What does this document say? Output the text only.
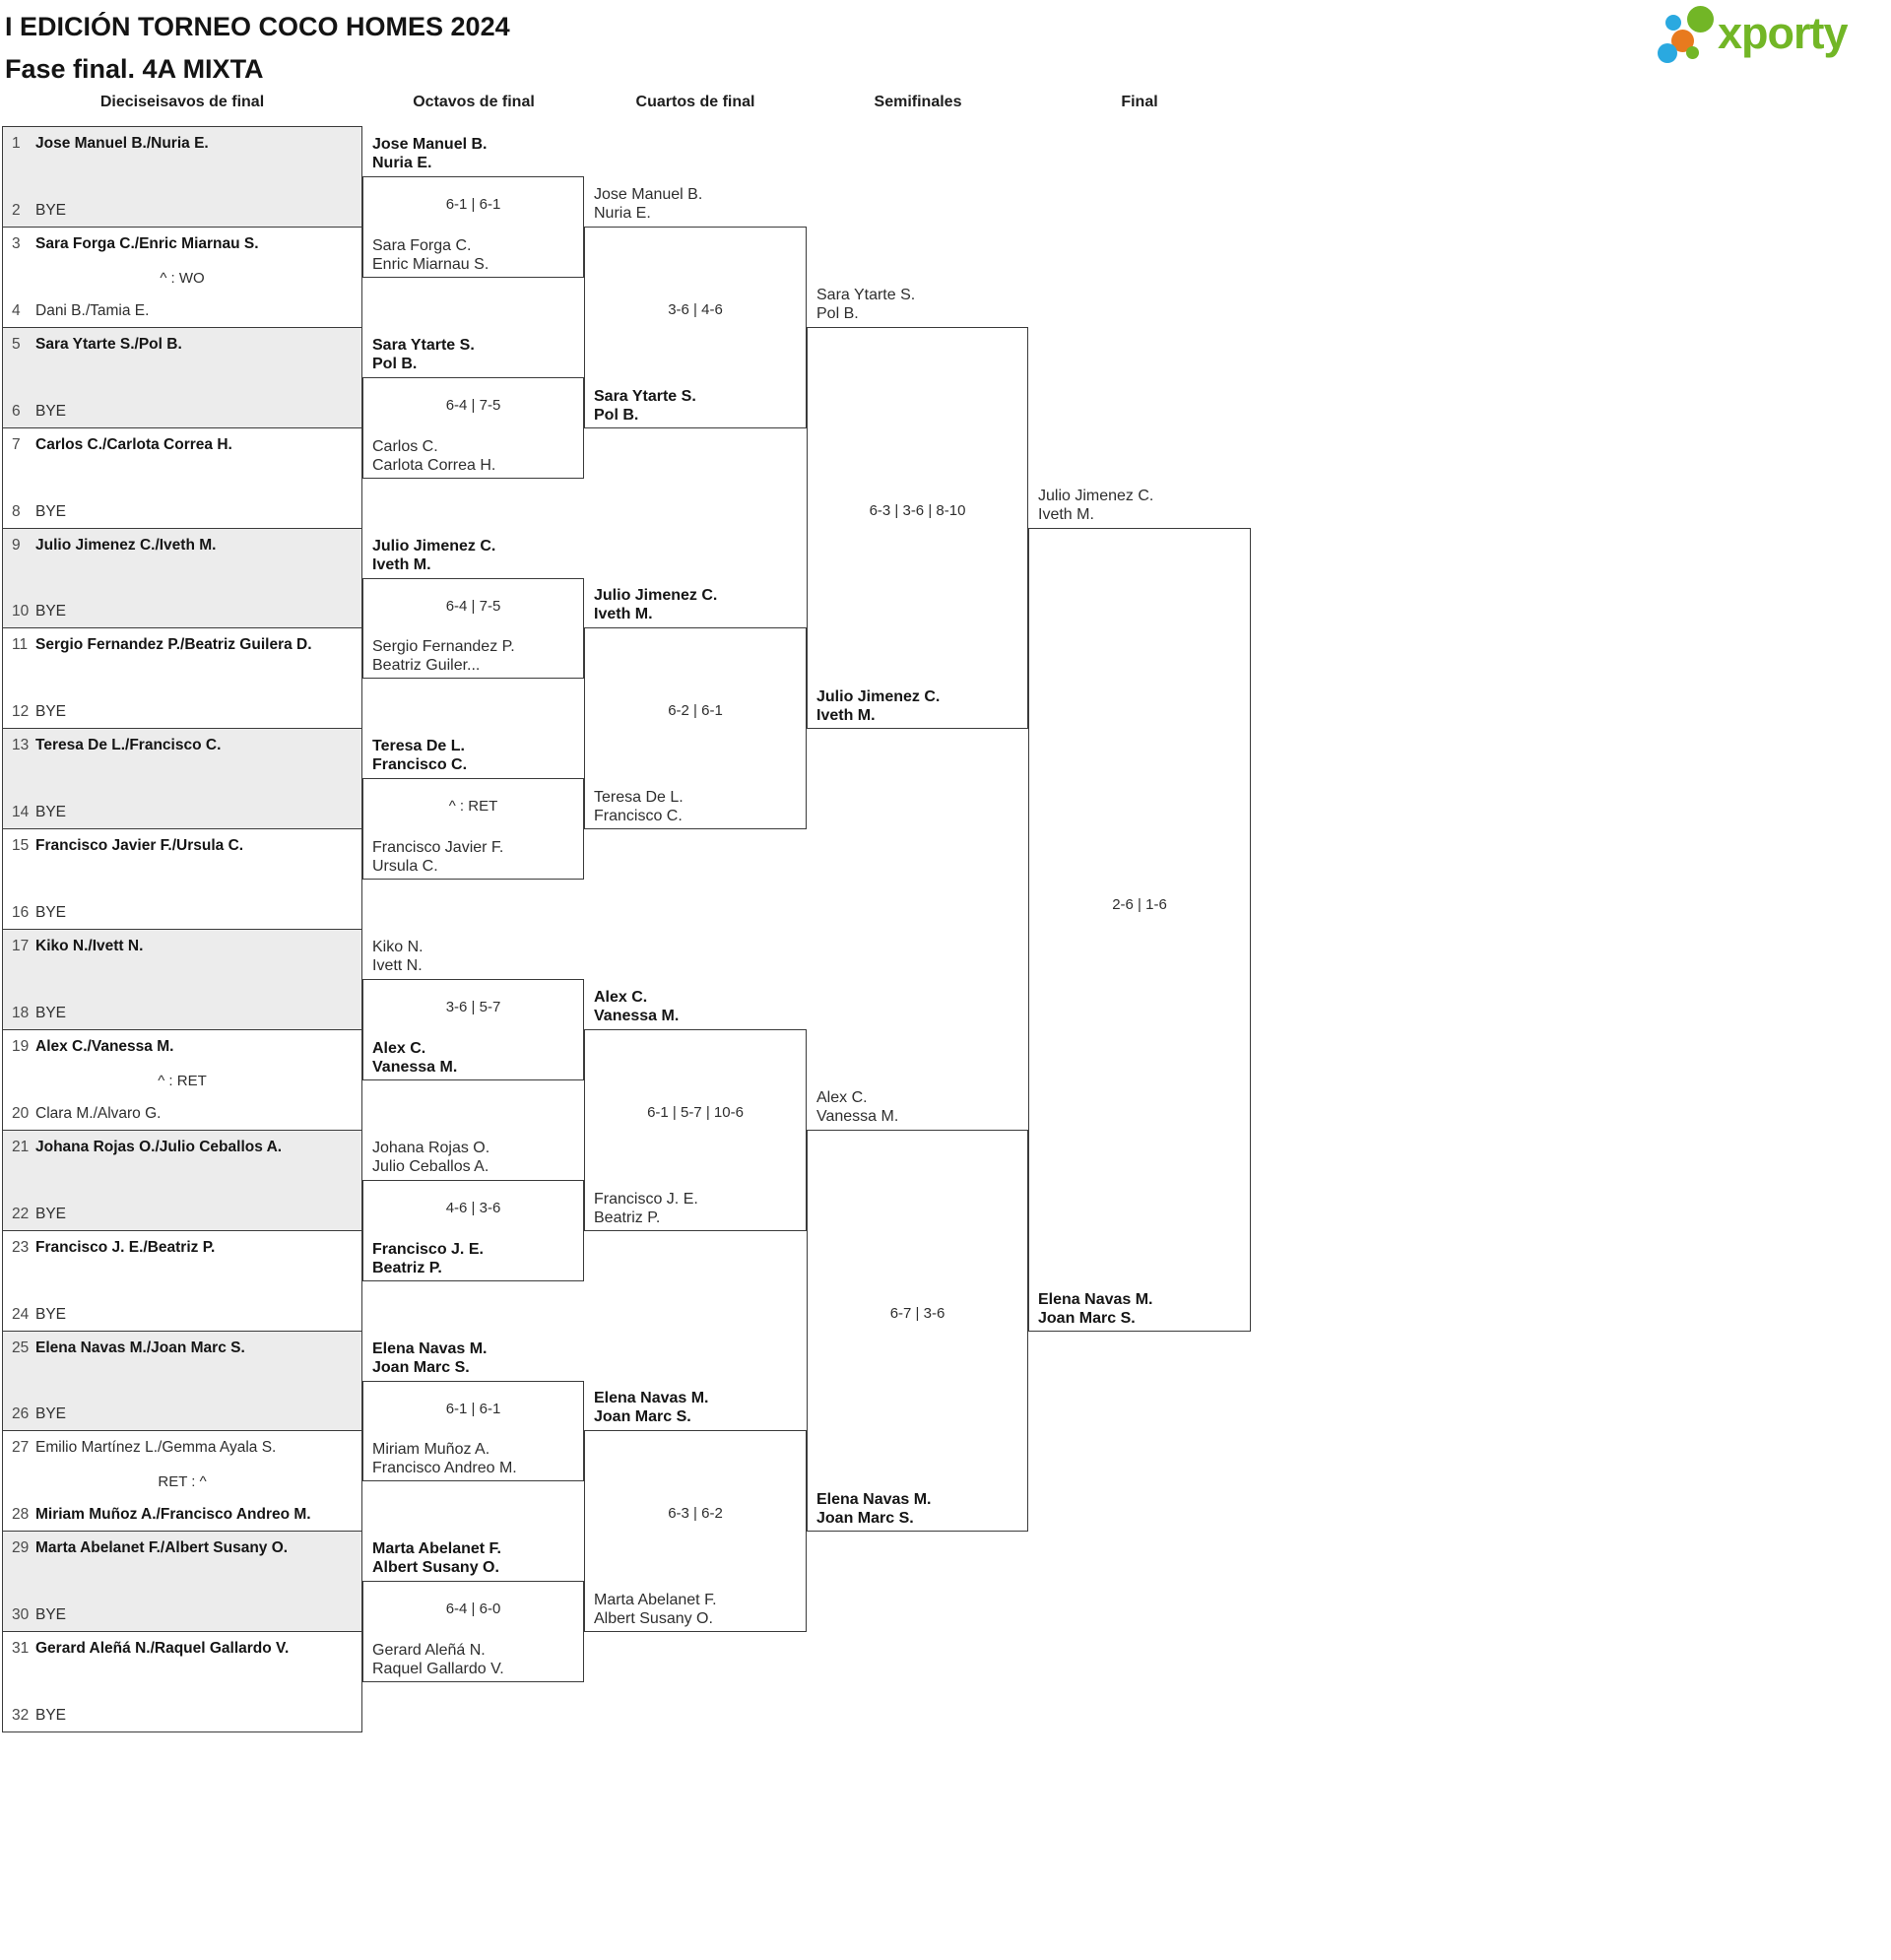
I EDICIÓN TORNEO COCO HOMES 2024
Fase final. 4A MIXTA
xporty
Dieciseisavos de final	Octavos de final	Cuartos de final	Semifinales	Final
1 Jose Manuel B./Nuria E.
2 BYE
3 Sara Forga C./Enric Miarnau S.
4 Dani B./Tamia E.
^ : WO
5 Sara Ytarte S./Pol B.
6 BYE
7 Carlos C./Carlota Correa H.
8 BYE
9 Julio Jimenez C./Iveth M.
10 BYE
11 Sergio Fernandez P./Beatriz Guilera D.
12 BYE
13 Teresa De L./Francisco C.
14 BYE
15 Francisco Javier F./Ursula C.
16 BYE
17 Kiko N./Ivett N.
18 BYE
19 Alex C./Vanessa M.
20 Clara M./Alvaro G.
^ : RET
21 Johana Rojas O./Julio Ceballos A.
22 BYE
23 Francisco J. E./Beatriz P.
24 BYE
25 Elena Navas M./Joan Marc S.
26 BYE
27 Emilio Martínez L./Gemma Ayala S.
28 Miriam Muñoz A./Francisco Andreo M.
RET : ^
29 Marta Abelanet F./Albert Susany O.
30 BYE
31 Gerard Aleñá N./Raquel Gallardo V.
32 BYE
6-1 | 6-1
Jose Manuel B.
Nuria E.
Sara Forga C.
Enric Miarnau S.
6-4 | 7-5
Sara Ytarte S.
Pol B.
Carlos C.
Carlota Correa H.
6-4 | 7-5
Julio Jimenez C.
Iveth M.
Sergio Fernandez P.
Beatriz Guiler...
^ : RET
Teresa De L.
Francisco C.
Francisco Javier F.
Ursula C.
3-6 | 5-7
Kiko N.
Ivett N.
Alex C.
Vanessa M.
4-6 | 3-6
Johana Rojas O.
Julio Ceballos A.
Francisco J. E.
Beatriz P.
6-1 | 6-1
Elena Navas M.
Joan Marc S.
Miriam Muñoz A.
Francisco Andreo M.
6-4 | 6-0
Marta Abelanet F.
Albert Susany O.
Gerard Aleñá N.
Raquel Gallardo V.
3-6 | 4-6
Jose Manuel B.
Nuria E.
Sara Ytarte S.
Pol B.
6-2 | 6-1
Julio Jimenez C.
Iveth M.
Teresa De L.
Francisco C.
6-1 | 5-7 | 10-6
Alex C.
Vanessa M.
Francisco J. E.
Beatriz P.
6-3 | 6-2
Elena Navas M.
Joan Marc S.
Marta Abelanet F.
Albert Susany O.
6-3 | 3-6 | 8-10
Sara Ytarte S.
Pol B.
Julio Jimenez C.
Iveth M.
6-7 | 3-6
Alex C.
Vanessa M.
Elena Navas M.
Joan Marc S.
2-6 | 1-6
Julio Jimenez C.
Iveth M.
Elena Navas M.
Joan Marc S.
